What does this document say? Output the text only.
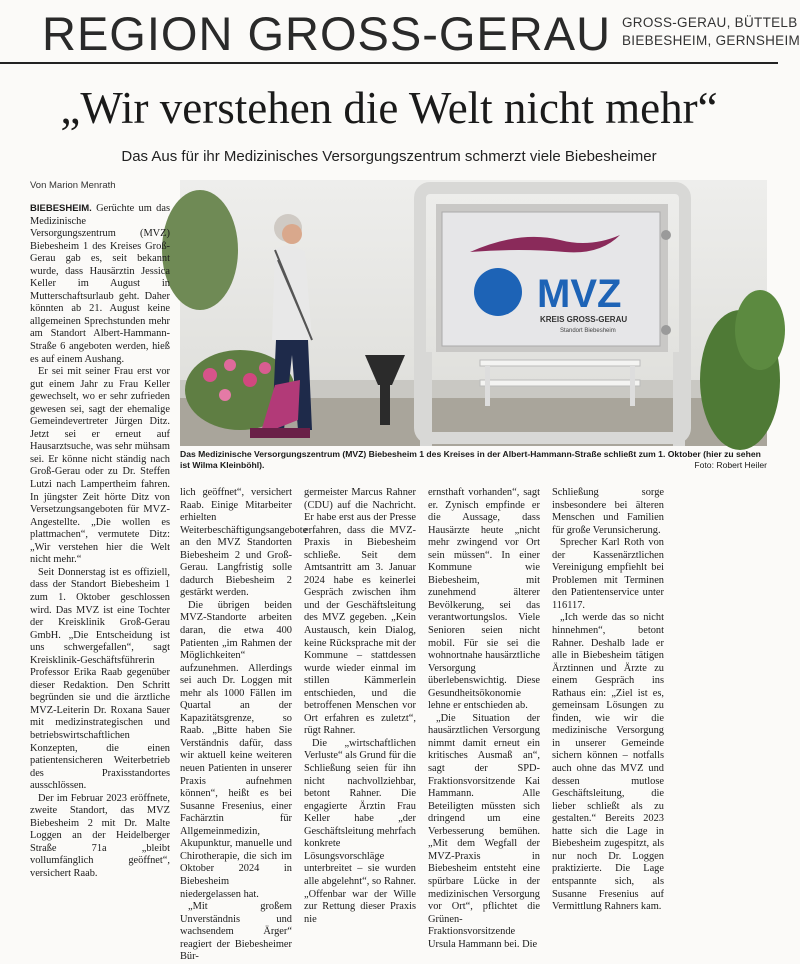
REGION GROSS-GERAU GROSS-GERAU, BÜTTELB
BIEBESHEIM, GERNSHEIM
„Wir verstehen die Welt nicht mehr“
Das Aus für ihr Medizinisches Versorgungszentrum schmerzt viele Biebesheimer
Von Marion Menrath
MVZ
KREIS GROSS-GERAU
Standort Biebesheim
Das Medizinische Versorgungszentrum (MVZ) Biebesheim 1 des Kreises in der Albert-Hammann-Straße schließt zum 1. Oktober (hier zu sehen ist Wilma Kleinböhl).	Foto: Robert Heiler

BIEBESHEIM. Gerüchte um das Medizinische Versorgungszentrum (MVZ) Biebesheim 1 des Kreises Groß-Gerau gab es, seit bekannt wurde, dass Hausärztin Jessica Keller im August in Mutterschaftsurlaub geht. Daher könnten ab 21. August keine allgemeinen Sprechstunden mehr am Standort Albert-Hammann-Straße 6 angeboten werden, hieß es auf einem Aushang.

Er sei mit seiner Frau erst vor gut einem Jahr zu Frau Keller gewechselt, wo er sehr zufrieden gewesen sei, sagt der ehemalige Gemeindevertreter Jürgen Ditz. Jetzt sei er erneut auf Hausarztsuche, was sehr mühsam sei. Er könne nicht ständig nach Groß-Gerau oder zu Dr. Steffen Lutzi nach Lampertheim fahren. In jüngster Zeit hörte Ditz von Versetzungsangeboten für MVZ-Angestellte. „Die wollen es plattmachen“, vermutete Ditz: „Wir verstehen hier die Welt nicht mehr.“

Seit Donnerstag ist es offiziell, dass der Standort Biebesheim 1 zum 1. Oktober geschlossen wird. Das MVZ ist eine Tochter der Kreisklinik Groß-Gerau GmbH. „Die Entscheidung ist uns schwergefallen“, sagt Kreisklinik-Geschäftsführerin Professor Erika Raab gegenüber dieser Redaktion. Den Schritt begründen sie und die ärztliche MVZ-Leiterin Dr. Roxana Sauer mit medizinstrategischen und betriebswirtschaftlichen Konzepten, die einen patientensicheren Weiterbetrieb des Praxisstandortes ausschlössen.

Der im Februar 2023 eröffnete, zweite Standort, das MVZ Biebesheim 2 mit Dr. Malte Loggen an der Heidelberger Straße 71a „bleibt vollumfänglich geöffnet“, versichert Raab.

lich geöffnet“, versichert Raab. Einige Mitarbeiter erhielten Weiterbeschäftigungsangebote an den MVZ Standorten Biebesheim 2 und Groß-Gerau. Langfristig solle dadurch Biebesheim 2 gestärkt werden.

Die übrigen beiden MVZ-Standorte arbeiten daran, die etwa 400 Patienten „im Rahmen der Möglichkeiten“ aufzunehmen. Allerdings sei auch Dr. Loggen mit mehr als 1000 Fällen im Quartal an der Kapazitätsgrenze, so Raab. „Bitte haben Sie Verständnis dafür, dass wir aktuell keine weiteren neuen Patienten in unserer Praxis aufnehmen können“, heißt es bei Susanne Fresenius, einer Fachärztin für Allgemeinmedizin, Akupunktur, manuelle und Chirotherapie, die sich im Oktober 2024 in Biebesheim niedergelassen hat.

„Mit großem Unverständnis und wachsendem Ärger“ reagiert der Biebesheimer Bür-

germeister Marcus Rahner (CDU) auf die Nachricht. Er habe erst aus der Presse erfahren, dass die MVZ-Praxis in Biebesheim schließe. Seit dem Amtsantritt am 3. Januar 2024 habe es keinerlei Gespräch zwischen ihm und der Geschäftsleitung des MVZ gegeben. „Kein Austausch, kein Dialog, keine Rücksprache mit der Kommune – stattdessen wurde wieder einmal im stillen Kämmerlein entschieden, und die betroffenen Menschen vor Ort erfahren es zuletzt“, rügt Rahner.

Die „wirtschaftlichen Verluste“ als Grund für die Schließung seien für ihn nicht nachvollziehbar, betont Rahner. Die engagierte Ärztin Frau Keller habe „der Geschäftsleitung mehrfach konkrete Lösungsvorschläge unterbreitet – sie wurden alle abgelehnt“, so Rahner. „Offenbar war der Wille zur Rettung dieser Praxis nie

ernsthaft vorhanden“, sagt er. Zynisch empfinde er die Aussage, dass Hausärzte heute „nicht mehr zwingend vor Ort sein müssen“. In einer Kommune wie Biebesheim, mit zunehmend älterer Bevölkerung, sei das verantwortungslos. Viele Senioren seien nicht mobil. Für sie sei die wohnortnahe hausärztliche Versorgung überlebenswichtig. Diese Gesundheitsökonomie lehne er entschieden ab.

„Die Situation der hausärztlichen Versorgung nimmt damit erneut ein kritisches Ausmaß an“, sagt der SPD-Fraktionsvorsitzende Kai Hammann. Alle Beteiligten müssten sich dringend um eine Verbesserung bemühen. „Mit dem Wegfall der MVZ-Praxis in Biebesheim entsteht eine spürbare Lücke in der medizinischen Versorgung vor Ort“, pflichtet die Grünen-Fraktionsvorsitzende Ursula Hammann bei. Die

Schließung sorge insbesondere bei älteren Menschen und Familien für große Verunsicherung.

Sprecher Karl Roth von der Kassenärztlichen Vereinigung empfiehlt bei Problemen mit Terminen den Patientenservice unter 116117.

„Ich werde das so nicht hinnehmen“, betont Rahner. Deshalb lade er alle in Biebesheim tätigen Ärztinnen und Ärzte zu einem Gespräch ins Rathaus ein: „Ziel ist es, gemeinsam Lösungen zu finden, wie wir die medizinische Versorgung in unserer Gemeinde sichern können – notfalls auch ohne das MVZ und dessen mutlose Geschäftsleitung, die lieber schließt als zu gestalten.“ Bereits 2023 hatte sich die Lage in Biebesheim zugespitzt, als nur noch Dr. Loggen praktizierte. Die Lage entspannte sich, als Susanne Fresenius auf Vermittlung Rahners kam.
